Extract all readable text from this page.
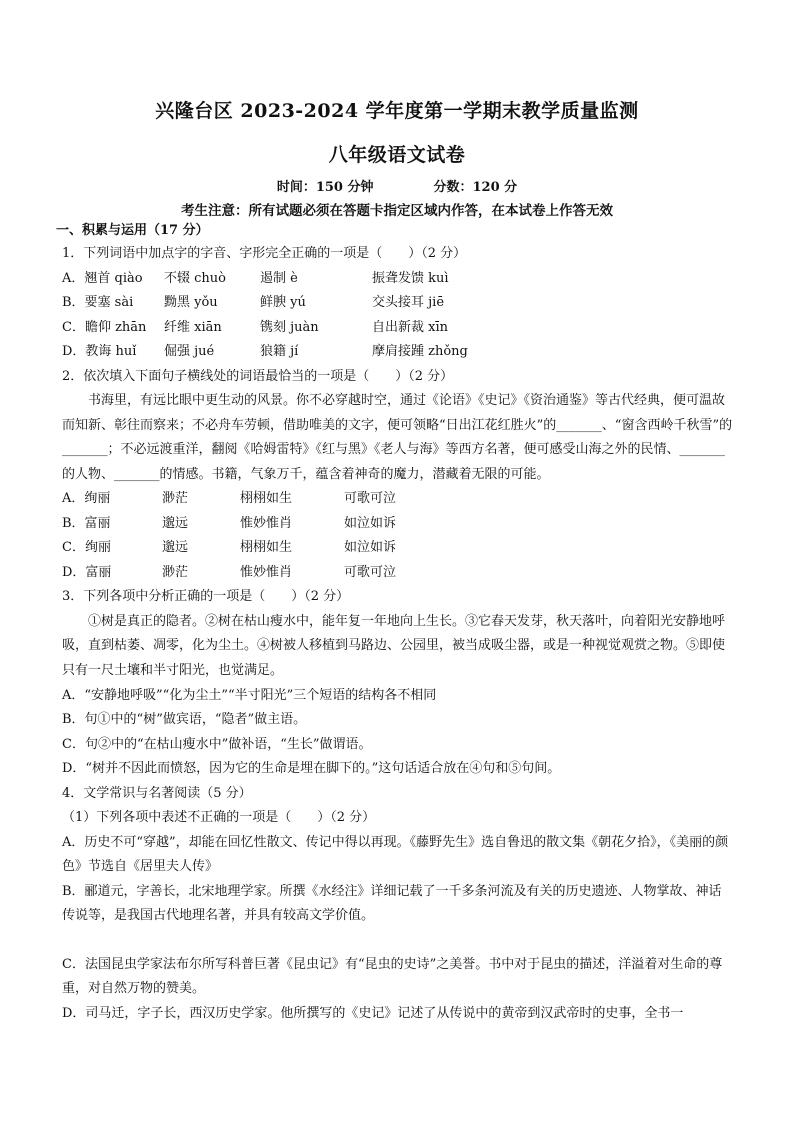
兴隆台区 2023-2024 学年度第一学期末教学质量监测
八年级语文试卷
时间：150 分钟	分数：120 分
考生注意：所有试题必须在答题卡指定区域内作答，在本试卷上作答无效
一、积累与运用（17 分）
1．下列词语中加点字的字音、字形完全正确的一项是（　　）（2 分）
A．翘首 qiào	不辍 chuò	遏制 è	振聋发馈 kuì
B．要塞 sài	黝黑 yǒu	鲜腴 yú	交头接耳 jiē
C．瞻仰 zhān	纤维 xiān	镌刻 juàn	自出新裁 xīn
D．教诲 huǐ	倔强 jué	狼籍 jí	摩肩接踵 zhǒng
2．依次填入下面句子横线处的词语最恰当的一项是（　　）（2 分）
书海里，有远比眼中更生动的风景。你不必穿越时空，通过《论语》《史记》《资治通鉴》等古代经典，便可温故而知新、彰往而察来；不必舟车劳顿，借助唯美的文字，便可领略“日出江花红胜火”的_______、“窗含西岭千秋雪”的_______；不必远渡重洋，翻阅《哈姆雷特》《红与黑》《老人与海》等西方名著，便可感受山海之外的民情、_______的人物、_______的情感。书籍，气象万千，蕴含着神奇的魔力，潜藏着无限的可能。
A．绚丽	渺茫	栩栩如生	可歌可泣
B．富丽	邈远	惟妙惟肖	如泣如诉
C．绚丽	邈远	栩栩如生	如泣如诉
D．富丽	渺茫	惟妙惟肖	可歌可泣
3．下列各项中分析正确的一项是（　　）（2 分）
①树是真正的隐者。②树在枯山瘦水中，能年复一年地向上生长。③它春天发芽，秋天落叶，向着阳光安静地呼吸，直到枯萎、凋零，化为尘土。④树被人移植到马路边、公园里，被当成吸尘器，或是一种视觉观赏之物。⑤即使只有一尺土壤和半寸阳光，也觉满足。
A．“安静地呼吸”“化为尘土”“半寸阳光”三个短语的结构各不相同
B．句①中的“树”做宾语，“隐者”做主语。
C．句②中的“在枯山瘦水中”做补语，“生长”做谓语。
D．“树并不因此而愤怒，因为它的生命是埋在脚下的。”这句话适合放在④句和⑤句间。
4．文学常识与名著阅读（5 分）
（1）下列各项中表述不正确的一项是（　　）（2 分）
A．历史不可“穿越”，却能在回忆性散文、传记中得以再现。《藤野先生》选自鲁迅的散文集《朝花夕拾》，《美丽的颜色》节选自《居里夫人传》
B．郦道元，字善长，北宋地理学家。所撰《水经注》详细记载了一千多条河流及有关的历史遗迹、人物掌故、神话传说等，是我国古代地理名著，并具有较高文学价值。
C．法国昆虫学家法布尔所写科普巨著《昆虫记》有“昆虫的史诗”之美誉。书中对于昆虫的描述，洋溢着对生命的尊重，对自然万物的赞美。
D．司马迁，字子长，西汉历史学家。他所撰写的《史记》记述了从传说中的黄帝到汉武帝时的史事，全书一
